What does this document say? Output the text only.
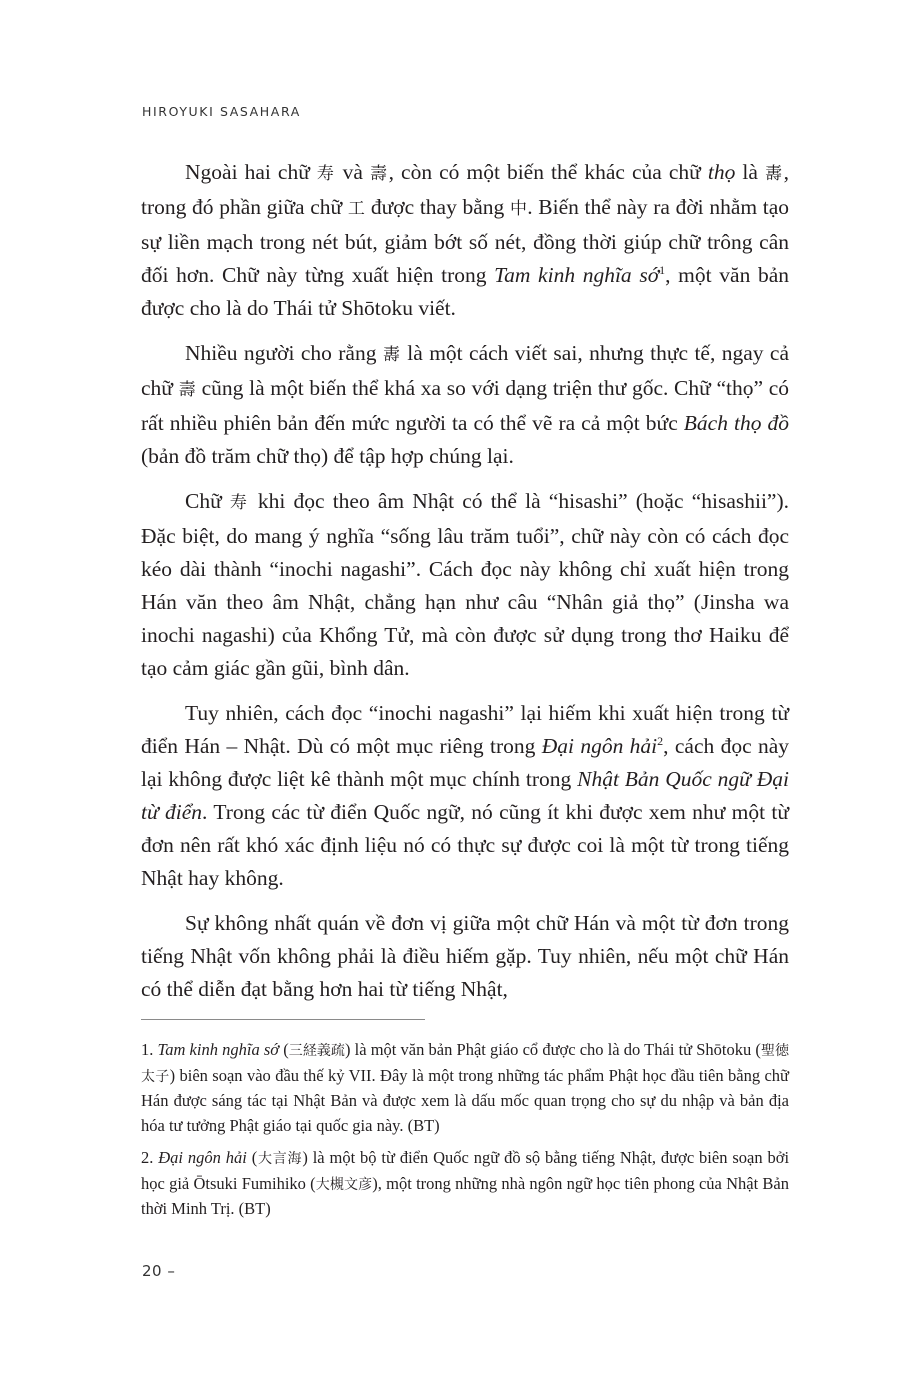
HIROYUKI SASAHARA

Ngoài hai chữ 寿 và 壽, còn có một biến thể khác của chữ thọ là 夀, trong đó phần giữa chữ 工 được thay bằng 中. Biến thể này ra đời nhằm tạo sự liền mạch trong nét bút, giảm bớt số nét, đồng thời giúp chữ trông cân đối hơn. Chữ này từng xuất hiện trong Tam kinh nghĩa sớ$^1$, một văn bản được cho là do Thái tử Shōtoku viết.

Nhiều người cho rằng 夀 là một cách viết sai, nhưng thực tế, ngay cả chữ 壽 cũng là một biến thể khá xa so với dạng triện thư gốc. Chữ “thọ” có rất nhiều phiên bản đến mức người ta có thể vẽ ra cả một bức Bách thọ đồ (bản đồ trăm chữ thọ) để tập hợp chúng lại.

Chữ 寿 khi đọc theo âm Nhật có thể là “hisashi” (hoặc “hisashii”). Đặc biệt, do mang ý nghĩa “sống lâu trăm tuổi”, chữ này còn có cách đọc kéo dài thành “inochi nagashi”. Cách đọc này không chỉ xuất hiện trong Hán văn theo âm Nhật, chẳng hạn như câu “Nhân giả thọ” (Jinsha wa inochi nagashi) của Khổng Tử, mà còn được sử dụng trong thơ Haiku để tạo cảm giác gần gũi, bình dân.

Tuy nhiên, cách đọc “inochi nagashi” lại hiếm khi xuất hiện trong từ điển Hán – Nhật. Dù có một mục riêng trong Đại ngôn hải$^2$, cách đọc này lại không được liệt kê thành một mục chính trong Nhật Bản Quốc ngữ Đại từ điển. Trong các từ điển Quốc ngữ, nó cũng ít khi được xem như một từ đơn nên rất khó xác định liệu nó có thực sự được coi là một từ trong tiếng Nhật hay không.

Sự không nhất quán về đơn vị giữa một chữ Hán và một từ đơn trong tiếng Nhật vốn không phải là điều hiếm gặp. Tuy nhiên, nếu một chữ Hán có thể diễn đạt bằng hơn hai từ tiếng Nhật,

1. Tam kinh nghĩa sớ (三経義疏) là một văn bản Phật giáo cổ được cho là do Thái tử Shōtoku (聖徳太子) biên soạn vào đầu thế kỷ VII. Đây là một trong những tác phẩm Phật học đầu tiên bằng chữ Hán được sáng tác tại Nhật Bản và được xem là dấu mốc quan trọng cho sự du nhập và bản địa hóa tư tưởng Phật giáo tại quốc gia này. (BT)

2. Đại ngôn hải (大言海) là một bộ từ điển Quốc ngữ đồ sộ bằng tiếng Nhật, được biên soạn bởi học giả Ōtsuki Fumihiko (大槻文彦), một trong những nhà ngôn ngữ học tiên phong của Nhật Bản thời Minh Trị. (BT)

20 –
